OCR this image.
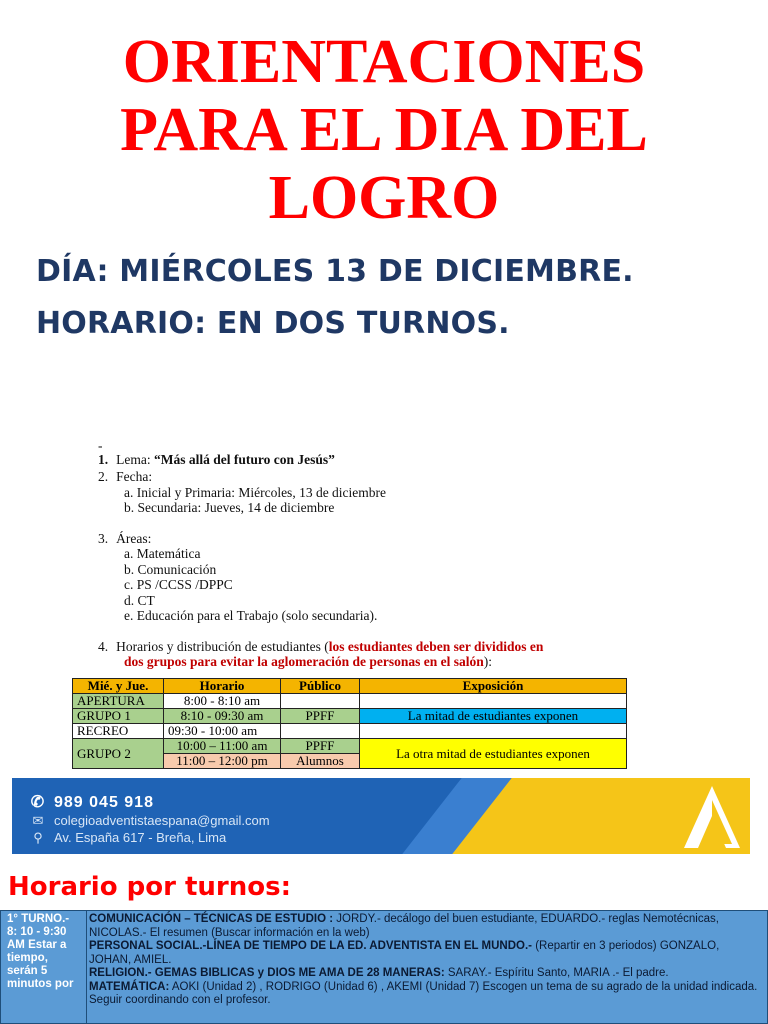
ORIENTACIONES
PARA EL DIA DEL
LOGRO
DÍA: MIÉRCOLES 13 DE DICIEMBRE.
HORARIO: EN DOS TURNOS.
-
1. Lema: “Más allá del futuro con Jesús”
2. Fecha:
a. Inicial y Primaria: Miércoles, 13 de diciembre
b. Secundaria: Jueves, 14 de diciembre
3. Áreas:
a. Matemática
b. Comunicación
c. PS /CCSS /DPPC
d. CT
e. Educación para el Trabajo (solo secundaria).
4. Horarios y distribución de estudiantes (los estudiantes deben ser divididos en
dos grupos para evitar la aglomeración de personas en el salón):
Mié. y Jue.	Horario	Público	Exposición
APERTURA	8:00 - 8:10 am		
GRUPO 1	8:10 - 09:30 am	PPFF	La mitad de estudiantes exponen
RECREO	09:30 - 10:00 am		
GRUPO 2	10:00 – 11:00 am	PPFF	La otra mitad de estudiantes exponen
	11:00 – 12:00 pm	Alumnos	
✆ 989 045 918
✉ colegioadventistaespana@gmail.com
⚲ Av. España 617 - Breña, Lima
Horario por turnos:
1° TURNO.- 8: 10 - 9:30 AM Estar a tiempo, serán 5 minutos por
COMUNICACIÓN – TÉCNICAS DE ESTUDIO : JORDY.- decálogo del buen estudiante, EDUARDO.- reglas Nemotécnicas, NICOLAS.- El resumen (Buscar información en la web)
PERSONAL SOCIAL.-LÍNEA DE TIEMPO DE LA ED. ADVENTISTA EN EL MUNDO.- (Repartir en 3 periodos) GONZALO, JOHAN, AMIEL.
RELIGION.- GEMAS BIBLICAS y DIOS ME AMA DE 28 MANERAS: SARAY.- Espíritu Santo, MARIA .- El padre.
MATEMÁTICA: AOKI (Unidad 2) , RODRIGO (Unidad 6) , AKEMI (Unidad 7) Escogen un tema de su agrado de la unidad indicada. Seguir coordinando con el profesor.
